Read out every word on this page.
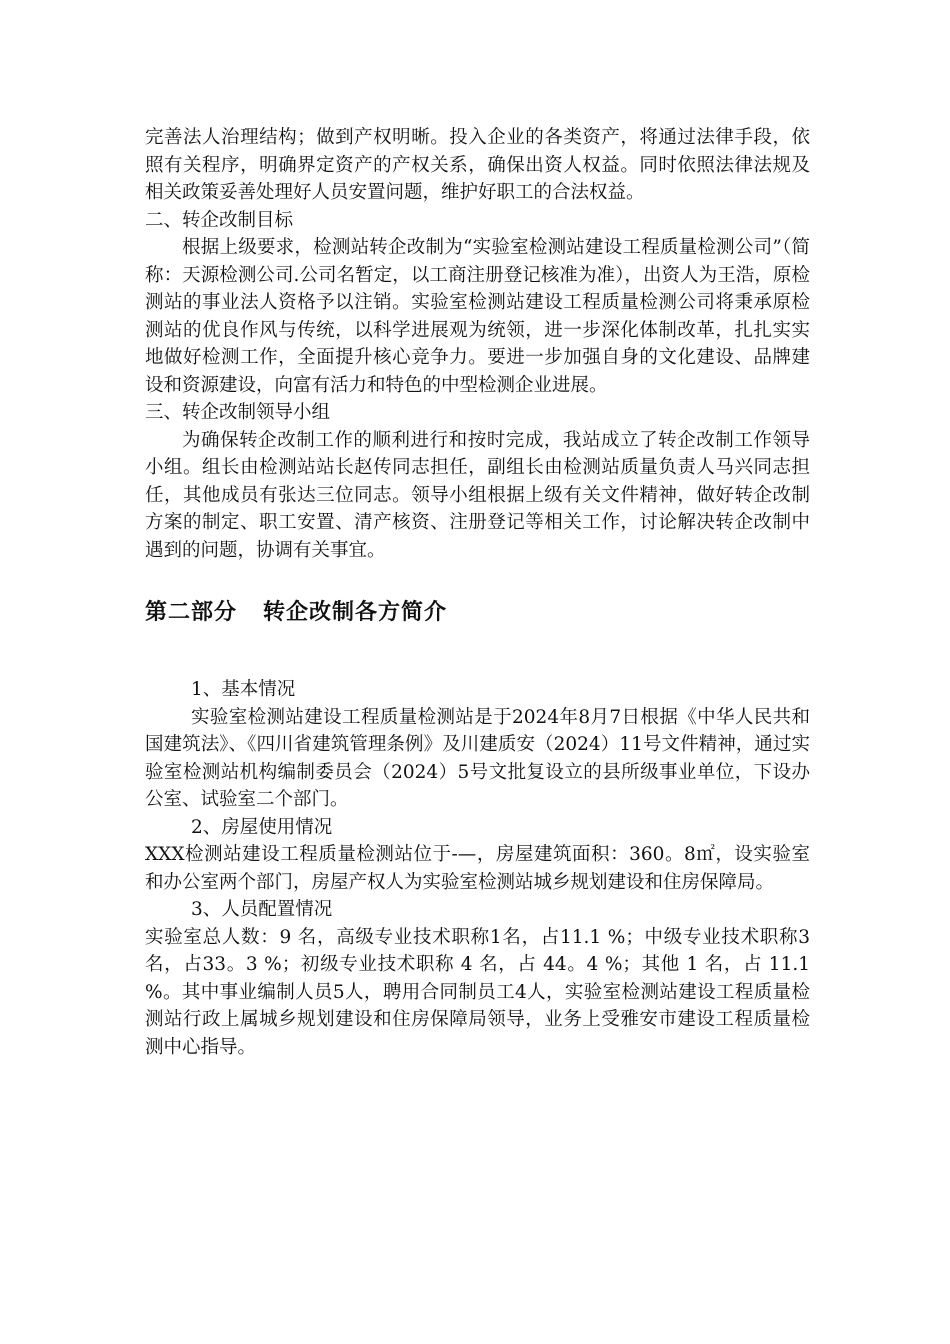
完善法人治理结构；做到产权明晰。投入企业的各类资产，将通过法律手段，依照有关程序，明确界定资产的产权关系，确保出资人权益。同时依照法律法规及相关政策妥善处理好人员安置问题，维护好职工的合法权益。

二、转企改制目标

根据上级要求，检测站转企改制为“实验室检测站建设工程质量检测公司”（简称：天源检测公司.公司名暂定，以工商注册登记核准为准），出资人为王浩，原检测站的事业法人资格予以注销。实验室检测站建设工程质量检测公司将秉承原检测站的优良作风与传统，以科学进展观为统领，进一步深化体制改革，扎扎实实地做好检测工作，全面提升核心竞争力。要进一步加强自身的文化建设、品牌建设和资源建设，向富有活力和特色的中型检测企业进展。

三、转企改制领导小组

为确保转企改制工作的顺利进行和按时完成，我站成立了转企改制工作领导小组。组长由检测站站长赵传同志担任，副组长由检测站质量负责人马兴同志担任，其他成员有张达三位同志。领导小组根据上级有关文件精神，做好转企改制方案的制定、职工安置、清产核资、注册登记等相关工作，讨论解决转企改制中遇到的问题，协调有关事宜。

第二部分 转企改制各方简介

1、基本情况

实验室检测站建设工程质量检测站是于2024年8月7日根据《中华人民共和国建筑法》、《四川省建筑管理条例》及川建质安（2024）11号文件精神，通过实验室检测站机构编制委员会（2024）5号文批复设立的县所级事业单位，下设办公室、试验室二个部门。

2、房屋使用情况

XXX检测站建设工程质量检测站位于-—，房屋建筑面积：360。8㎡，设实验室和办公室两个部门，房屋产权人为实验室检测站城乡规划建设和住房保障局。

3、人员配置情况

实验室总人数：9 名，高级专业技术职称1名，占11.1 %；中级专业技术职称3 名，占33。3 %；初级专业技术职称 4 名，占 44。4 %；其他 1 名，占 11.1 %。其中事业编制人员5人，聘用合同制员工4人，实验室检测站建设工程质量检测站行政上属城乡规划建设和住房保障局领导，业务上受雅安市建设工程质量检测中心指导。
